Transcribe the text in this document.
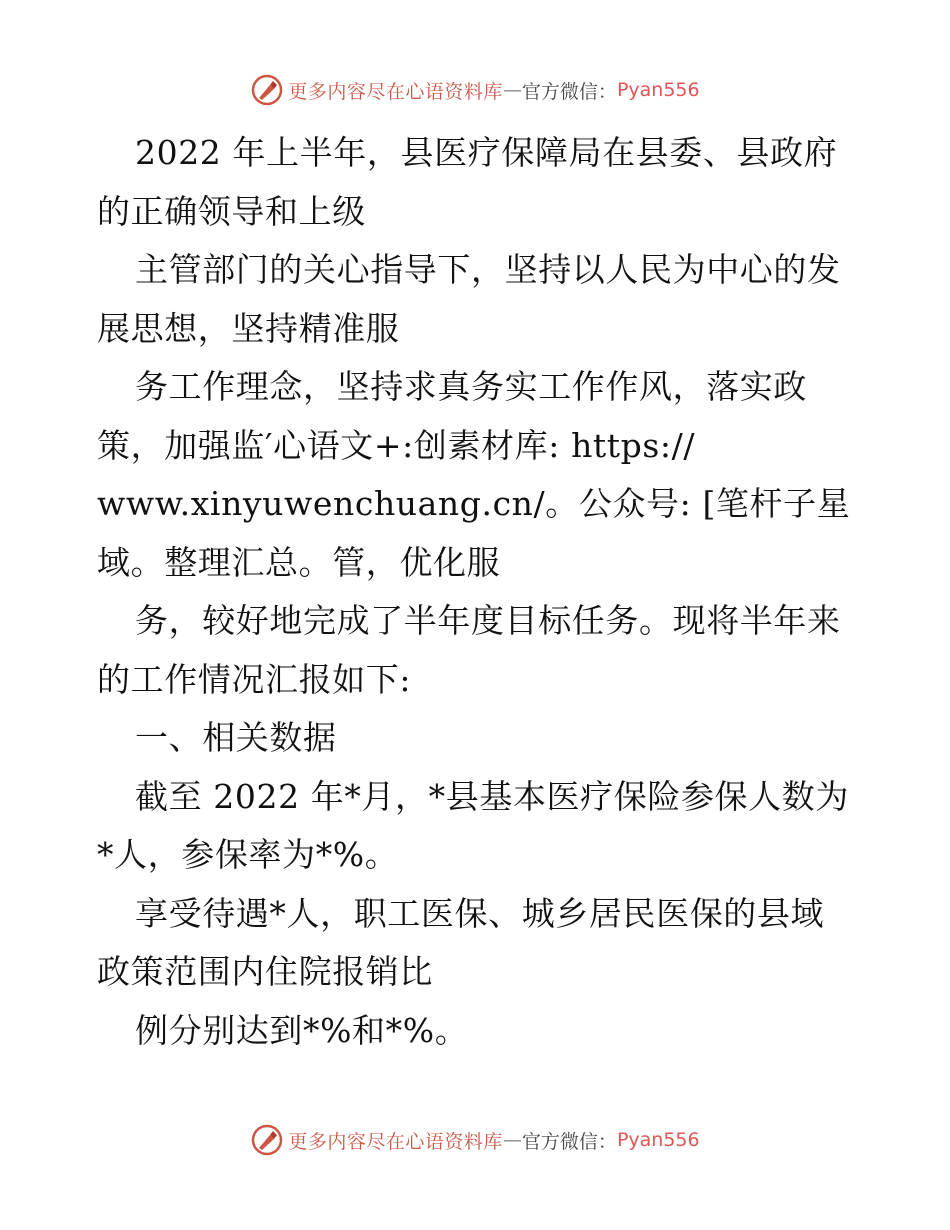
更多内容尽在心语资料库 — 官方微信： Pyan556
2022 年上半年，县医疗保障局在县委、县政府
的正确领导和上级
主管部门的关心指导下，坚持以人民为中心的发
展思想，坚持精准服
务工作理念，坚持求真务实工作作风，落实政
策，加强监′心语文+:创素材库: https://
www.xinyuwenchuang.cn/。公众号: [笔杆子星
域。整理汇总。管，优化服
务，较好地完成了半年度目标任务。现将半年来
的工作情况汇报如下:
一、相关数据
截至 2022 年*月，*县基本医疗保险参保人数为
*人，参保率为*%。
享受待遇*人，职工医保、城乡居民医保的县域
政策范围内住院报销比
例分别达到*%和*%。
更多内容尽在心语资料库 — 官方微信： Pyan556
